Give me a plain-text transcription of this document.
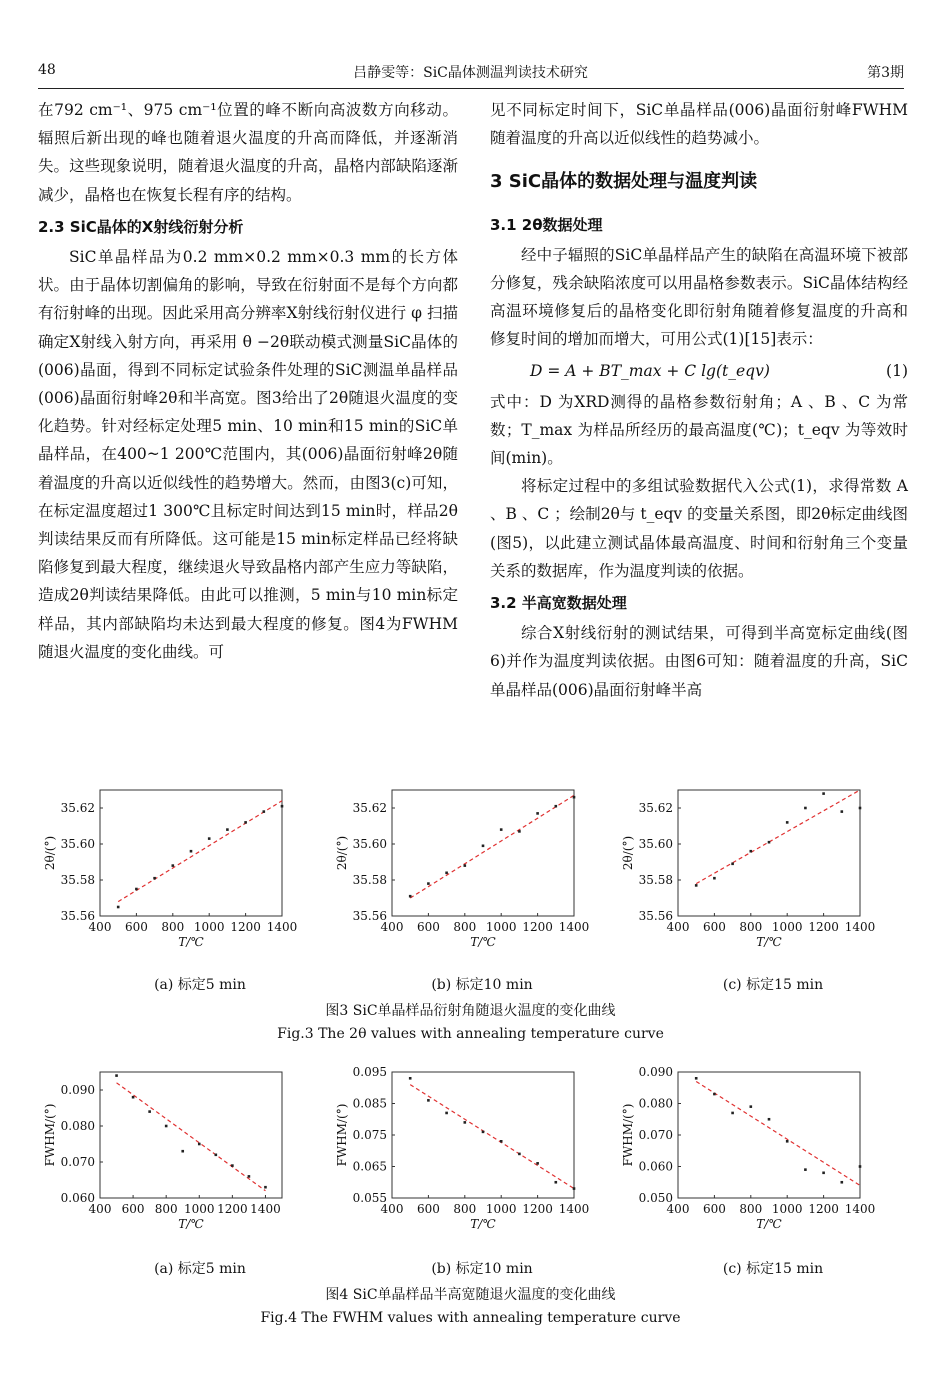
48	吕静雯等：SiC晶体测温判读技术研究	第3期

在792 cm⁻¹、975 cm⁻¹位置的峰不断向高波数方向移动。辐照后新出现的峰也随着退火温度的升高而降低，并逐渐消失。这些现象说明，随着退火温度的升高，晶格内部缺陷逐渐减少，晶格也在恢复长程有序的结构。

2.3 SiC晶体的X射线衍射分析

SiC单晶样品为0.2 mm×0.2 mm×0.3 mm的长方体状。由于晶体切割偏角的影响，导致在衍射面不是每个方向都有衍射峰的出现。因此采用高分辨率X射线衍射仪进行 φ 扫描确定X射线入射方向，再采用 θ −2θ联动模式测量SiC晶体的(006)晶面，得到不同标定试验条件处理的SiC测温单晶样品(006)晶面衍射峰2θ和半高宽。图3给出了2θ随退火温度的变化趋势。针对经标定处理5 min、10 min和15 min的SiC单晶样品，在400~1 200℃范围内，其(006)晶面衍射峰2θ随着温度的升高以近似线性的趋势增大。然而，由图3(c)可知，在标定温度超过1 300℃且标定时间达到15 min时，样品2θ判读结果反而有所降低。这可能是15 min标定样品已经将缺陷修复到最大程度，继续退火导致晶格内部产生应力等缺陷，造成2θ判读结果降低。由此可以推测，5 min与10 min标定样品，其内部缺陷均未达到最大程度的修复。图4为FWHM随退火温度的变化曲线。可

见不同标定时间下，SiC单晶样品(006)晶面衍射峰FWHM随着温度的升高以近似线性的趋势减小。

3 SiC晶体的数据处理与温度判读
3.1 2θ数据处理

经中子辐照的SiC单晶样品产生的缺陷在高温环境下被部分修复，残余缺陷浓度可以用晶格参数表示。SiC晶体结构经高温环境修复后的晶格变化即衍射角随着修复温度的升高和修复时间的增加而增大，可用公式(1)[15]表示：

D = A + BT_max + C lg(t_eqv)	(1)

式中：D 为XRD测得的晶格参数衍射角；A 、B 、C 为常数；T_max 为样品所经历的最高温度(℃)；t_eqv 为等效时间(min)。

将标定过程中的多组试验数据代入公式(1)，求得常数 A 、B 、C ；绘制2θ与 t_eqv 的变量关系图，即2θ标定曲线图(图5)，以此建立测试晶体最高温度、时间和衍射角三个变量关系的数据库，作为温度判读的依据。

3.2 半高宽数据处理

综合X射线衍射的测试结果，可得到半高宽标定曲线(图6)并作为温度判读依据。由图6可知：随着温度的升高，SiC单晶样品(006)晶面衍射峰半高

400 600 800 1000 1200 1400
35.56
35.58
35.60
35.62
T/℃
2θ/(°)
400 600 800 1000 1200 1400
35.56
35.58
35.60
35.62
T/℃
2θ/(°)
400 600 800 1000 1200 1400
35.56
35.58
35.60
35.62
T/℃
2θ/(°)
(a) 标定5 min	(b) 标定10 min	(c) 标定15 min
图3 SiC单晶样品衍射角随退火温度的变化曲线
Fig.3 The 2θ values with annealing temperature curve
400 600 800 1000 1200 1400
0.060
0.070
0.080
0.090
T/℃
FWHM/(°)
400 600 800 1000 1200 1400
0.055
0.065
0.075
0.085
0.095
T/℃
FWHM/(°)
400 600 800 1000 1200 1400
0.050
0.060
0.070
0.080
0.090
T/℃
FWHM/(°)
(a) 标定5 min	(b) 标定10 min	(c) 标定15 min
图4 SiC单晶样品半高宽随退火温度的变化曲线
Fig.4 The FWHM values with annealing temperature curve
